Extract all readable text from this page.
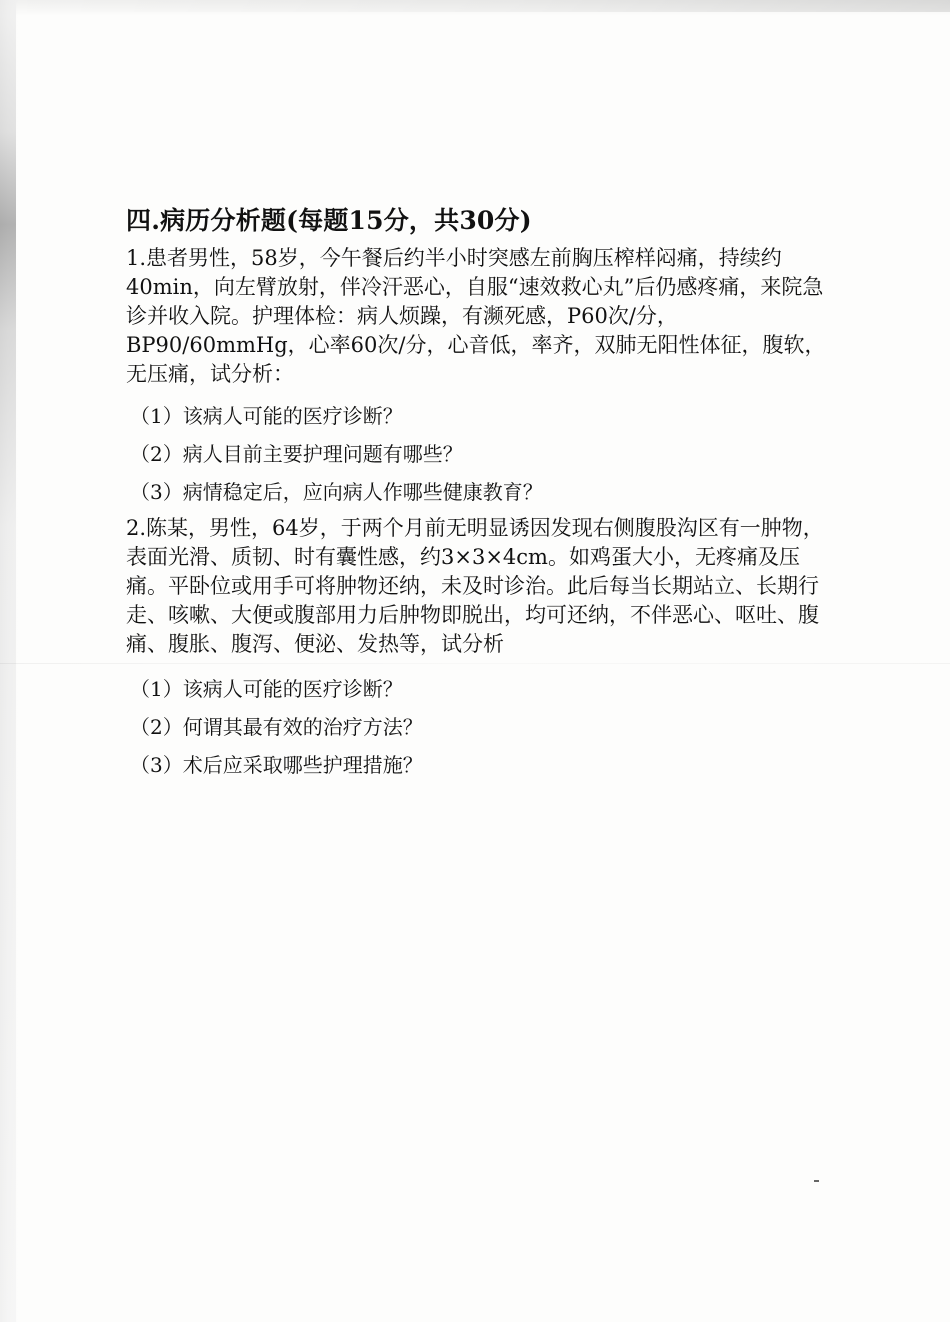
四.病历分析题(每题15分，共30分)
1.患者男性，58岁，今午餐后约半小时突感左前胸压榨样闷痛，持续约40min，向左臂放射，伴冷汗恶心，自服“速效救心丸”后仍感疼痛，来院急诊并收入院。护理体检：病人烦躁，有濒死感，P60次/分，BP90/60mmHg，心率60次/分，心音低，率齐，双肺无阳性体征，腹软，无压痛，试分析：
（1）该病人可能的医疗诊断？
（2）病人目前主要护理问题有哪些？
（3）病情稳定后，应向病人作哪些健康教育？
2.陈某，男性，64岁，于两个月前无明显诱因发现右侧腹股沟区有一肿物，表面光滑、质韧、时有囊性感，约3×3×4cm。如鸡蛋大小，无疼痛及压痛。平卧位或用手可将肿物还纳，未及时诊治。此后每当长期站立、长期行走、咳嗽、大便或腹部用力后肿物即脱出，均可还纳，不伴恶心、呕吐、腹痛、腹胀、腹泻、便泌、发热等，试分析
（1）该病人可能的医疗诊断？
（2）何谓其最有效的治疗方法？
（3）术后应采取哪些护理措施？
